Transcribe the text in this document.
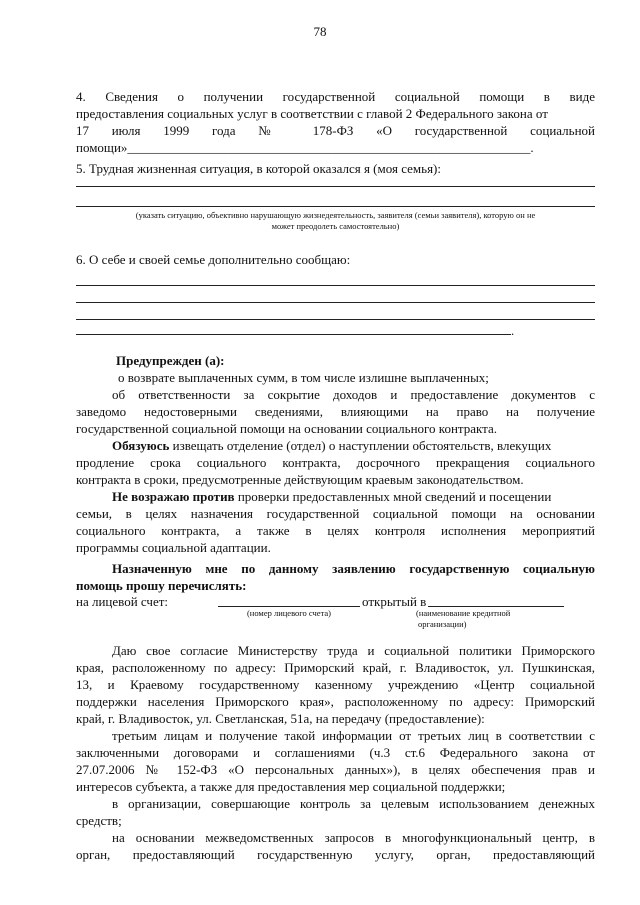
78
4. Сведения о получении государственной социальной помощи в виде
предоставления социальных услуг в соответствии с главой 2 Федерального закона от
17 июля 1999 года № 178-ФЗ «О государственной социальной
помощи»______________________________________________________________.
5. Трудная жизненная ситуация, в которой оказался я (моя семья):
(указать ситуацию, объективно нарушающую жизнедеятельность, заявителя (семьи заявителя), которую он не
может преодолеть самостоятельно)
6. О себе и своей семье дополнительно сообщаю:
.
Предупрежден (а):
о возврате выплаченных сумм, в том числе излишне выплаченных;
об ответственности за сокрытие доходов и предоставление документов с
заведомо недостоверными сведениями, влияющими на право на получение
государственной социальной помощи на основании социального контракта.
Обязуюсь извещать отделение (отдел) о наступлении обстоятельств, влекущих
продление срока социального контракта, досрочного прекращения социального
контракта в сроки, предусмотренные действующим краевым законодательством.
Не возражаю против проверки предоставленных мной сведений и посещении
семьи, в целях назначения государственной социальной помощи на основании
социального контракта, а также в целях контроля исполнения мероприятий
программы социальной адаптации.
Назначенную мне по данному заявлению государственную социальную
помощь прошу перечислять:
на лицевой счет:	открытый в
(номер лицевого счета)	(наименование кредитной
организации)
Даю свое согласие Министерству труда и социальной политики Приморского
края, расположенному по адресу: Приморский край, г. Владивосток, ул. Пушкинская,
13, и Краевому государственному казенному учреждению «Центр социальной
поддержки населения Приморского края», расположенному по адресу: Приморский
край, г. Владивосток, ул. Светланская, 51а, на передачу (предоставление):
третьим лицам и получение такой информации от третьих лиц в соответствии с
заключенными договорами и соглашениями (ч.3 ст.6 Федерального закона от
27.07.2006 № 152-ФЗ «О персональных данных»), в целях обеспечения прав и
интересов субъекта, а также для предоставления мер социальной поддержки;
в организации, совершающие контроль за целевым использованием денежных
средств;
на основании межведомственных запросов в многофункциональный центр, в
орган, предоставляющий государственную услугу, орган, предоставляющий
